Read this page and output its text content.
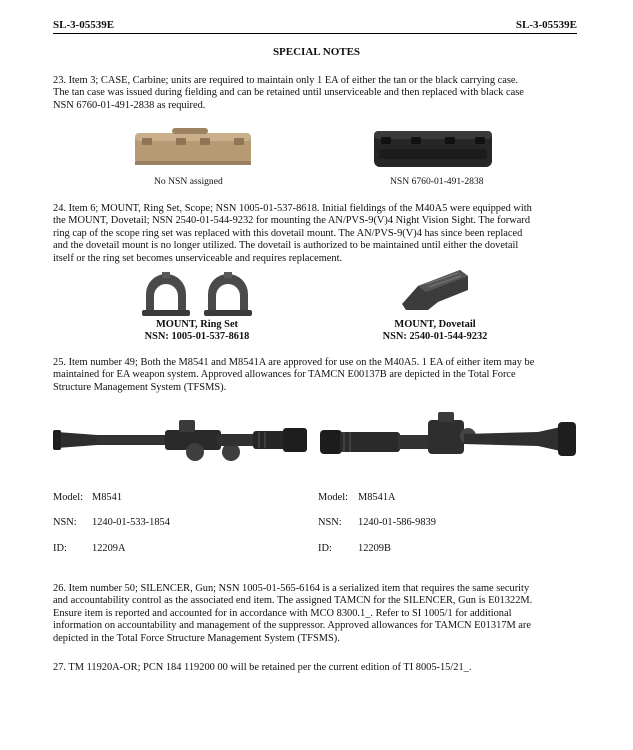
SL-3-05539E	SL-3-05539E
SPECIAL NOTES

23. Item 3; CASE, Carbine; units are required to maintain only 1 EA of either the tan or the black carrying case.
The tan case was issued during fielding and can be retained until unserviceable and then replaced with black case
NSN 6760-01-491-2838 as required.

No NSN assigned	NSN 6760-01-491-2838

24. Item 6; MOUNT, Ring Set, Scope; NSN 1005-01-537-8618. Initial fieldings of the M40A5 were equipped with
the MOUNT, Dovetail; NSN 2540-01-544-9232 for mounting the AN/PVS-9(V)4 Night Vision Sight. The forward
ring cap of the scope ring set was replaced with this dovetail mount. The AN/PVS-9(V)4 has since been replaced
and the dovetail mount is no longer utilized. The dovetail is authorized to be maintained until either the dovetail
itself or the ring set becomes unserviceable and requires replacement.

MOUNT, Ring Set
NSN: 1005-01-537-8618
MOUNT, Dovetail
NSN: 2540-01-544-9232

25. Item number 49; Both the M8541 and M8541A are approved for use on the M40A5. 1 EA of either item may be
maintained for EA weapon system. Approved allowances for TAMCN E00137B are depicted in the Total Force
Structure Management System (TFSMS).

Model: M8541
NSN: 1240-01-533-1854
ID: 12209A
Model: M8541A
NSN: 1240-01-586-9839
ID:	12209B

26. Item number 50; SILENCER, Gun; NSN 1005-01-565-6164 is a serialized item that requires the same security
and accountability control as the associated end item. The assigned TAMCN for the SILENCER, Gun is E01322M.
Ensure item is reported and accounted for in accordance with MCO 8300.1_. Refer to SI 1005/1 for additional
information on accountability and management of the suppressor. Approved allowances for TAMCN E01317M are
depicted in the Total Force Structure Management System (TFSMS).

27. TM 11920A-OR; PCN 184 119200 00 will be retained per the current edition of TI 8005-15/21_.
